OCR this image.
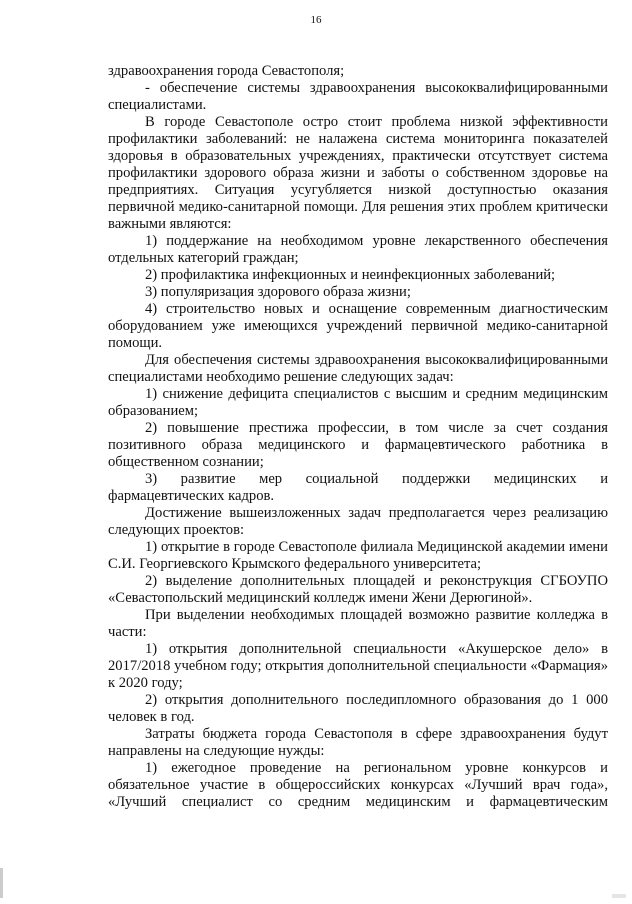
16

здравоохранения города Севастополя;

- обеспечение системы здравоохранения высококвалифицированными специалистами.

В городе Севастополе остро стоит проблема низкой эффективности профилактики заболеваний: не налажена система мониторинга показателей здоровья в образовательных учреждениях, практически отсутствует система профилактики здорового образа жизни и заботы о собственном здоровье на предприятиях. Ситуация усугубляется низкой доступностью оказания первичной медико-санитарной помощи. Для решения этих проблем критически важными являются:

1) поддержание на необходимом уровне лекарственного обеспечения отдельных категорий граждан;

2) профилактика инфекционных и неинфекционных заболеваний;

3) популяризация здорового образа жизни;

4) строительство новых и оснащение современным диагностическим оборудованием уже имеющихся учреждений первичной медико-санитарной помощи.

Для обеспечения системы здравоохранения высококвалифицированными специалистами необходимо решение следующих задач:

1) снижение дефицита специалистов с высшим и средним медицинским образованием;

2) повышение престижа профессии, в том числе за счет создания позитивного образа медицинского и фармацевтического работника в общественном сознании;

3) развитие мер социальной поддержки медицинских и фармацевтических кадров.

Достижение вышеизложенных задач предполагается через реализацию следующих проектов:

1) открытие в городе Севастополе филиала Медицинской академии имени С.И. Георгиевского Крымского федерального университета;

2) выделение дополнительных площадей и реконструкция СГБОУПО «Севастопольский медицинский колледж имени Жени Дерюгиной».

При выделении необходимых площадей возможно развитие колледжа в части:

1) открытия дополнительной специальности «Акушерское дело» в 2017/2018 учебном году; открытия дополнительной специальности «Фармация» к 2020 году;

2) открытия дополнительного последипломного образования до 1 000 человек в год.

Затраты бюджета города Севастополя в сфере здравоохранения будут направлены на следующие нужды:

1) ежегодное проведение на региональном уровне конкурсов и обязательное участие в общероссийских конкурсах «Лучший врач года», «Лучший специалист со средним медицинским и фармацевтическим
